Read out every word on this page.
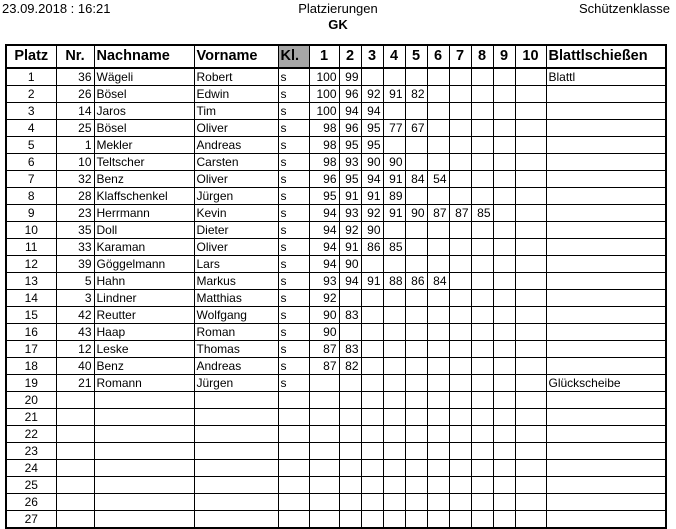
23.09.2018 : 16:21	Platzierungen
GK
Schützenklasse
Platz	Nr.	Nachname	Vorname	Kl.	1	2	3	4	5	6	7	8	9	10	Blattlschießen
1	36	Wägeli	Robert	s	100	99									Blattl
2	26	Bösel	Edwin	s	100	96	92	91	82						
3	14	Jaros	Tim	s	100	94	94								
4	25	Bösel	Oliver	s	98	96	95	77	67						
5	1	Mekler	Andreas	s	98	95	95								
6	10	Teltscher	Carsten	s	98	93	90	90							
7	32	Benz	Oliver	s	96	95	94	91	84	54					
8	28	Klaffschenkel	Jürgen	s	95	91	91	89							
9	23	Herrmann	Kevin	s	94	93	92	91	90	87	87	85			
10	35	Doll	Dieter	s	94	92	90								
11	33	Karaman	Oliver	s	94	91	86	85							
12	39	Göggelmann	Lars	s	94	90									
13	5	Hahn	Markus	s	93	94	91	88	86	84					
14	3	Lindner	Matthias	s	92										
15	42	Reutter	Wolfgang	s	90	83									
16	43	Haap	Roman	s	90										
17	12	Leske	Thomas	s	87	83									
18	40	Benz	Andreas	s	87	82									
19	21	Romann	Jürgen	s											Glückscheibe
20															
21															
22															
23															
24															
25															
26															
27															
